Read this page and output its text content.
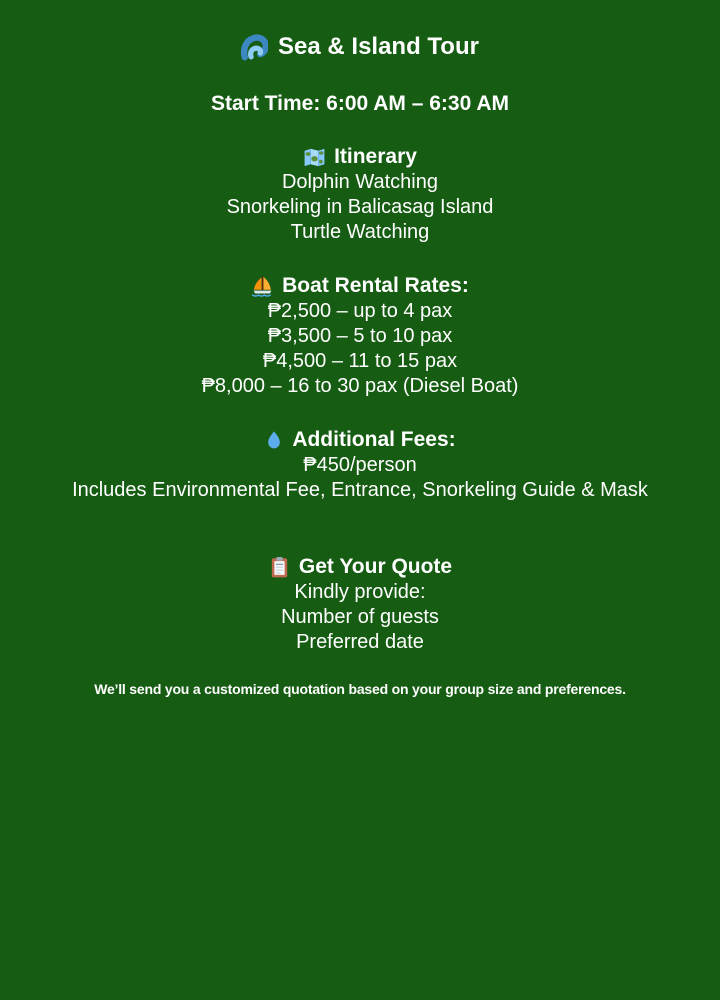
Sea & Island Tour
Start Time: 6:00 AM – 6:30 AM
Itinerary
Dolphin Watching
Snorkeling in Balicasag Island
Turtle Watching
Boat Rental Rates:
₱2,500 – up to 4 pax
₱3,500 – 5 to 10 pax
₱4,500 – 11 to 15 pax
₱8,000 – 16 to 30 pax (Diesel Boat)
Additional Fees:
₱450/person
Includes Environmental Fee, Entrance, Snorkeling Guide & Mask
Get Your Quote
Kindly provide:
Number of guests
Preferred date

We’ll send you a customized quotation based on your group size and preferences.
